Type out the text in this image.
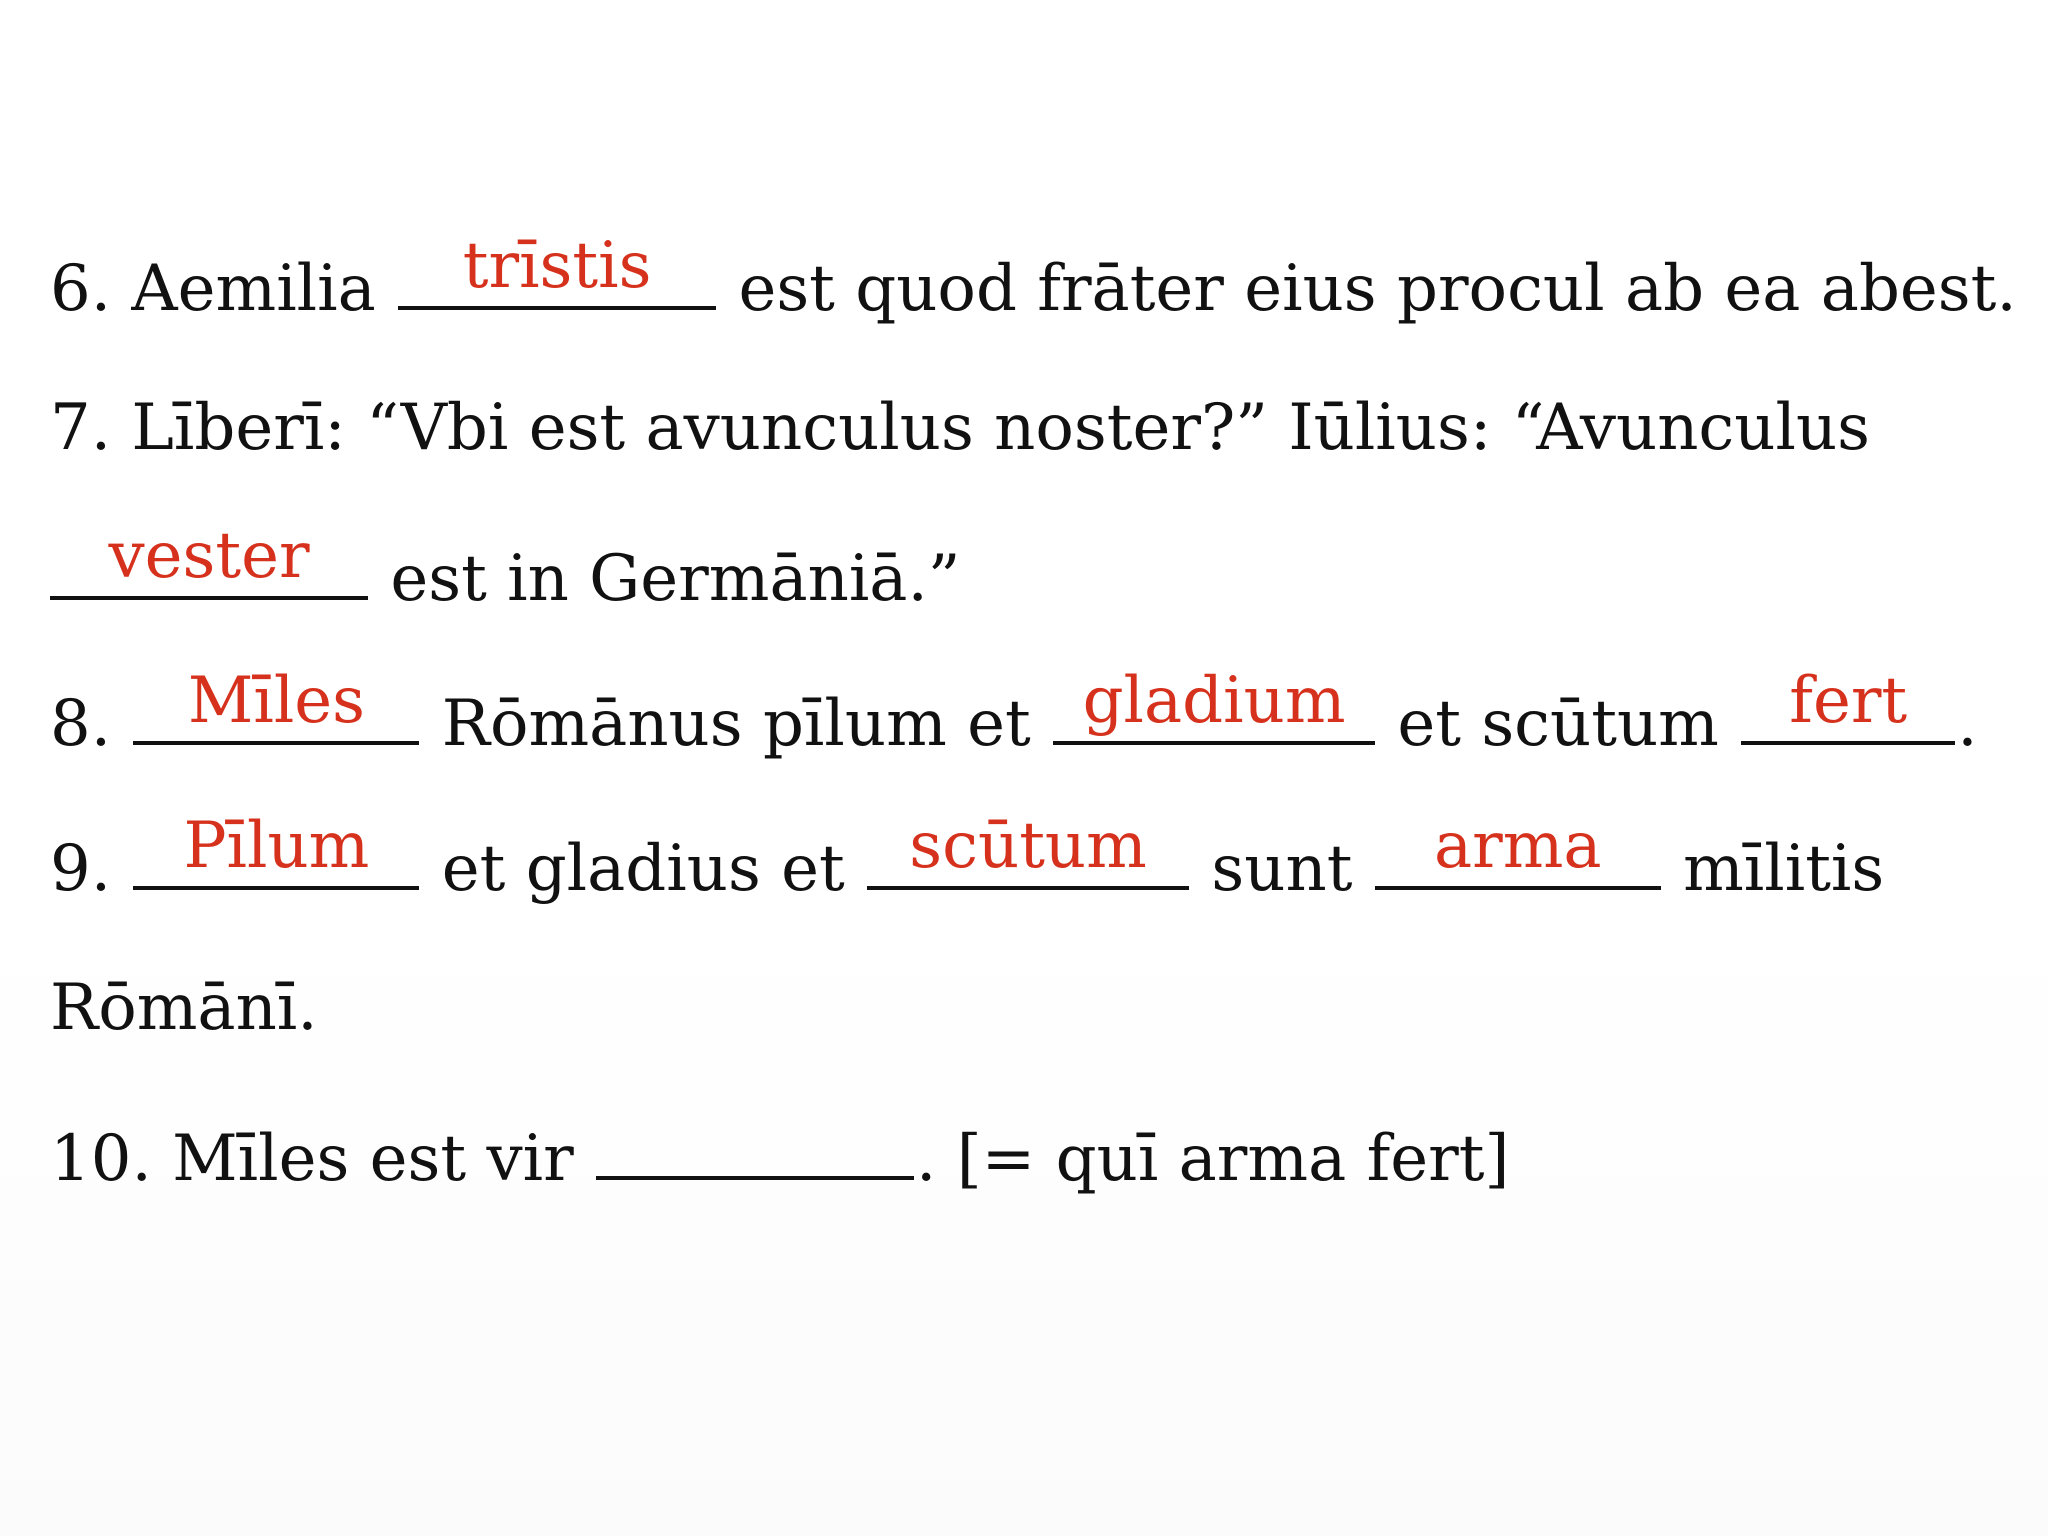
6. Aemilia	trīstis	est quod frāter eius procul ab ea abest.
7. Līberī: “Vbi est avunculus noster?” Iūlius: “Avunculus
vester	est in Germāniā.”
8.	Mīles	Rōmānus pīlum et gladium et scūtum	fert .
9.	Pīlum	et gladius et	scūtum	sunt	arma	mīlitis
Rōmānī.
10. Mīles est vir	. [= quī arma fert]
